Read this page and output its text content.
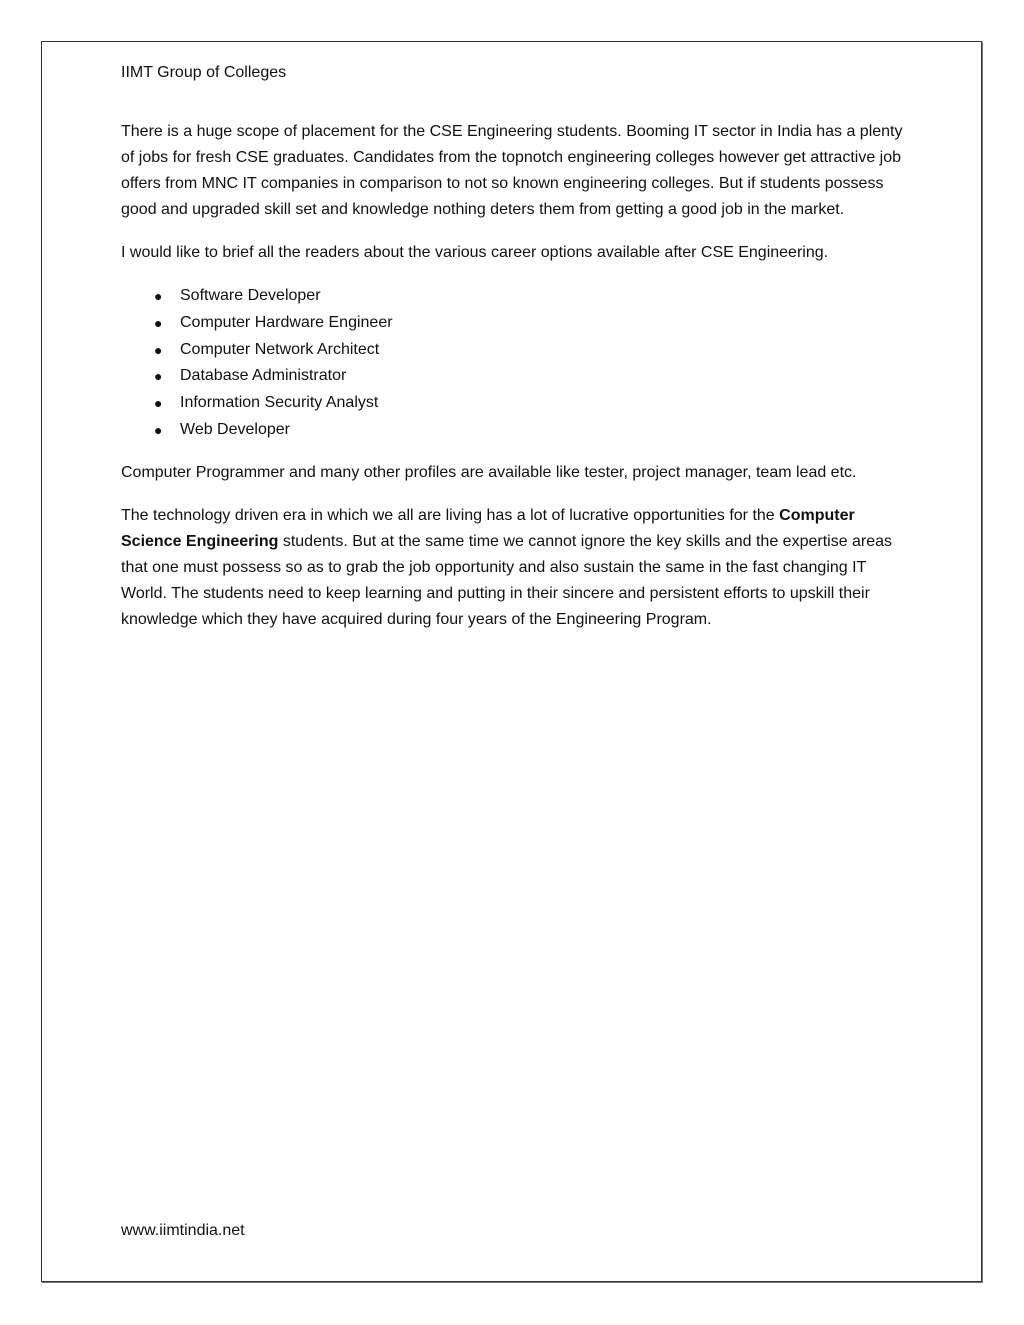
IIMT Group of Colleges

There is a huge scope of placement for the CSE Engineering students. Booming IT sector in India has a plenty of jobs for fresh CSE graduates. Candidates from the topnotch engineering colleges however get attractive job offers from MNC IT companies in comparison to not so known engineering colleges. But if students possess good and upgraded skill set and knowledge nothing deters them from getting a good job in the market.

I would like to brief all the readers about the various career options available after CSE Engineering.

● Software Developer
● Computer Hardware Engineer
● Computer Network Architect
● Database Administrator
● Information Security Analyst
● Web Developer

Computer Programmer and many other profiles are available like tester, project manager, team lead etc.

The technology driven era in which we all are living has a lot of lucrative opportunities for the Computer Science Engineering students. But at the same time we cannot ignore the key skills and the expertise areas that one must possess so as to grab the job opportunity and also sustain the same in the fast changing IT World. The students need to keep learning and putting in their sincere and persistent efforts to upskill their knowledge which they have acquired during four years of the Engineering Program.

www.iimtindia.net
